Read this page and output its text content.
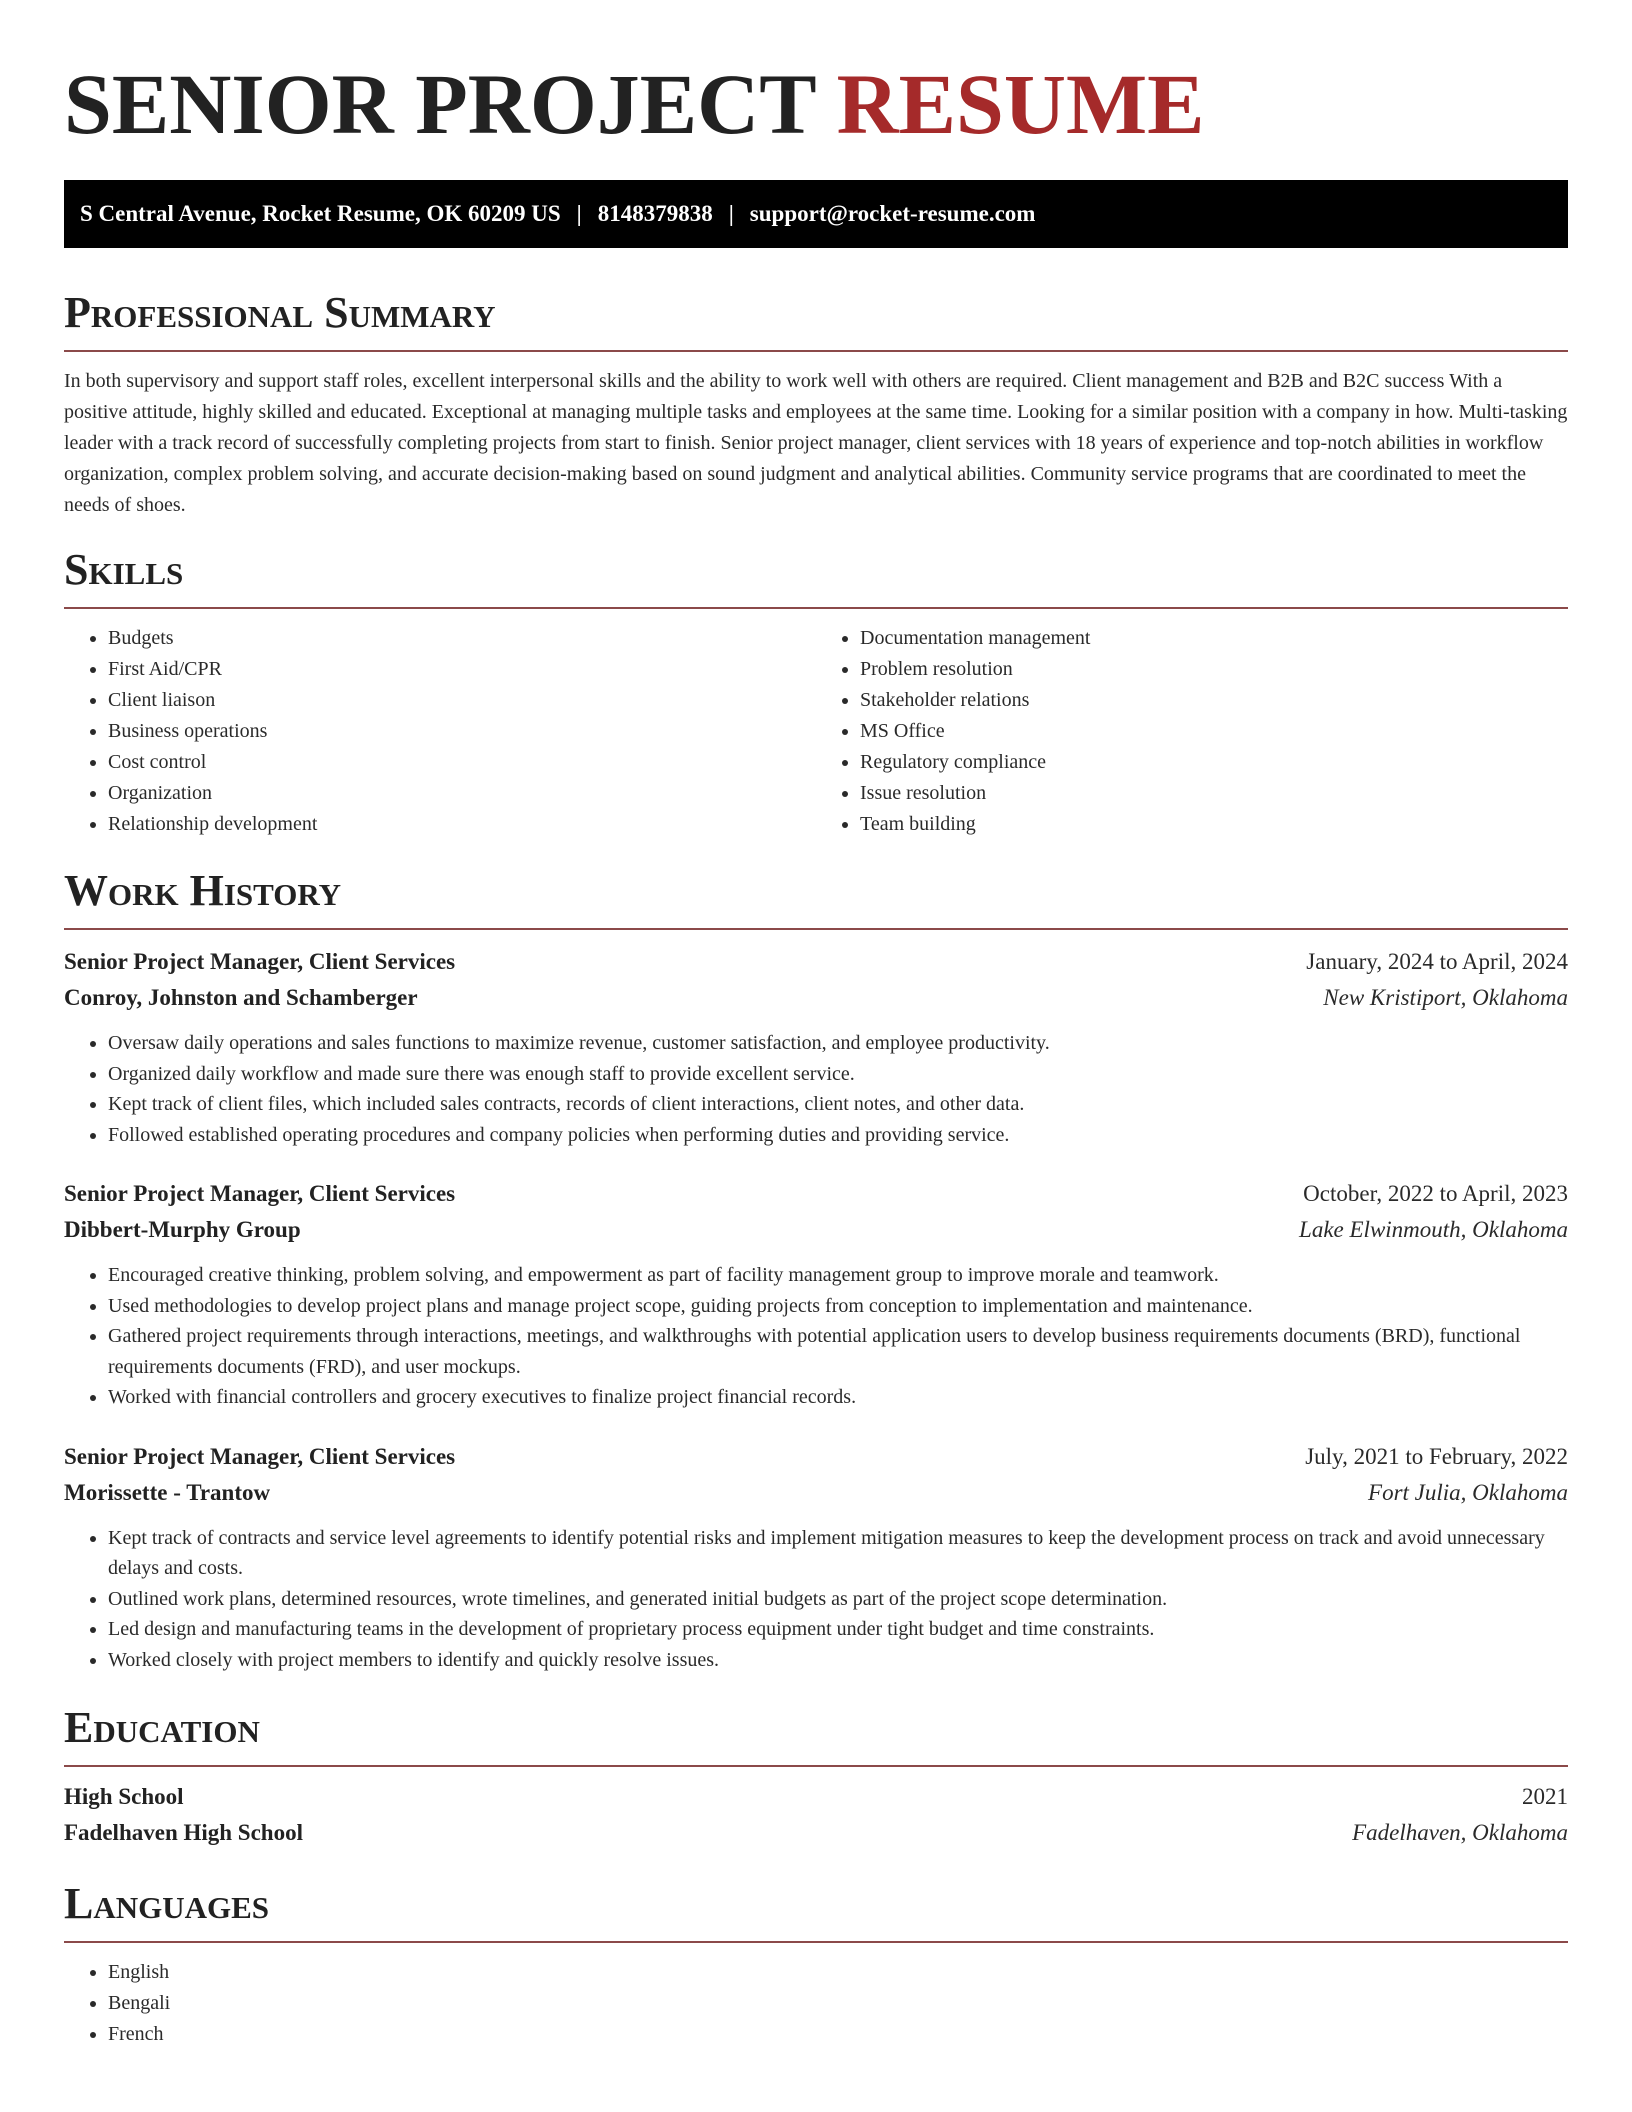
SENIOR PROJECT RESUME
S Central Avenue, Rocket Resume, OK 60209 US | 8148379838 | support@rocket-resume.com
Professional Summary

In both supervisory and support staff roles, excellent interpersonal skills and the ability to work well with others are required. Client management and B2B and B2C success With a positive attitude, highly skilled and educated. Exceptional at managing multiple tasks and employees at the same time. Looking for a similar position with a company in how. Multi-tasking leader with a track record of successfully completing projects from start to finish. Senior project manager, client services with 18 years of experience and top-notch abilities in workflow organization, complex problem solving, and accurate decision-making based on sound judgment and analytical abilities. Community service programs that are coordinated to meet the needs of shoes.

Skills
• Budgets
• First Aid/CPR
• Client liaison
• Business operations
• Cost control
• Organization
• Relationship development
• Documentation management
• Problem resolution
• Stakeholder relations
• MS Office
• Regulatory compliance
• Issue resolution
• Team building
Work History
Senior Project Manager, Client Services	January, 2024 to April, 2024
Conroy, Johnston and Schamberger	New Kristiport, Oklahoma
• Oversaw daily operations and sales functions to maximize revenue, customer satisfaction, and employee productivity.
• Organized daily workflow and made sure there was enough staff to provide excellent service.
• Kept track of client files, which included sales contracts, records of client interactions, client notes, and other data.
• Followed established operating procedures and company policies when performing duties and providing service.
Senior Project Manager, Client Services	October, 2022 to April, 2023
Dibbert-Murphy Group	Lake Elwinmouth, Oklahoma
• Encouraged creative thinking, problem solving, and empowerment as part of facility management group to improve morale and teamwork.
• Used methodologies to develop project plans and manage project scope, guiding projects from conception to implementation and maintenance.
• Gathered project requirements through interactions, meetings, and walkthroughs with potential application users to develop business requirements documents (BRD), functional requirements documents (FRD), and user mockups.
• Worked with financial controllers and grocery executives to finalize project financial records.
Senior Project Manager, Client Services	July, 2021 to February, 2022
Morissette - Trantow	Fort Julia, Oklahoma
• Kept track of contracts and service level agreements to identify potential risks and implement mitigation measures to keep the development process on track and avoid unnecessary delays and costs.
• Outlined work plans, determined resources, wrote timelines, and generated initial budgets as part of the project scope determination.
• Led design and manufacturing teams in the development of proprietary process equipment under tight budget and time constraints.
• Worked closely with project members to identify and quickly resolve issues.
Education
High School	2021
Fadelhaven High School	Fadelhaven, Oklahoma
Languages
• English
• Bengali
• French
